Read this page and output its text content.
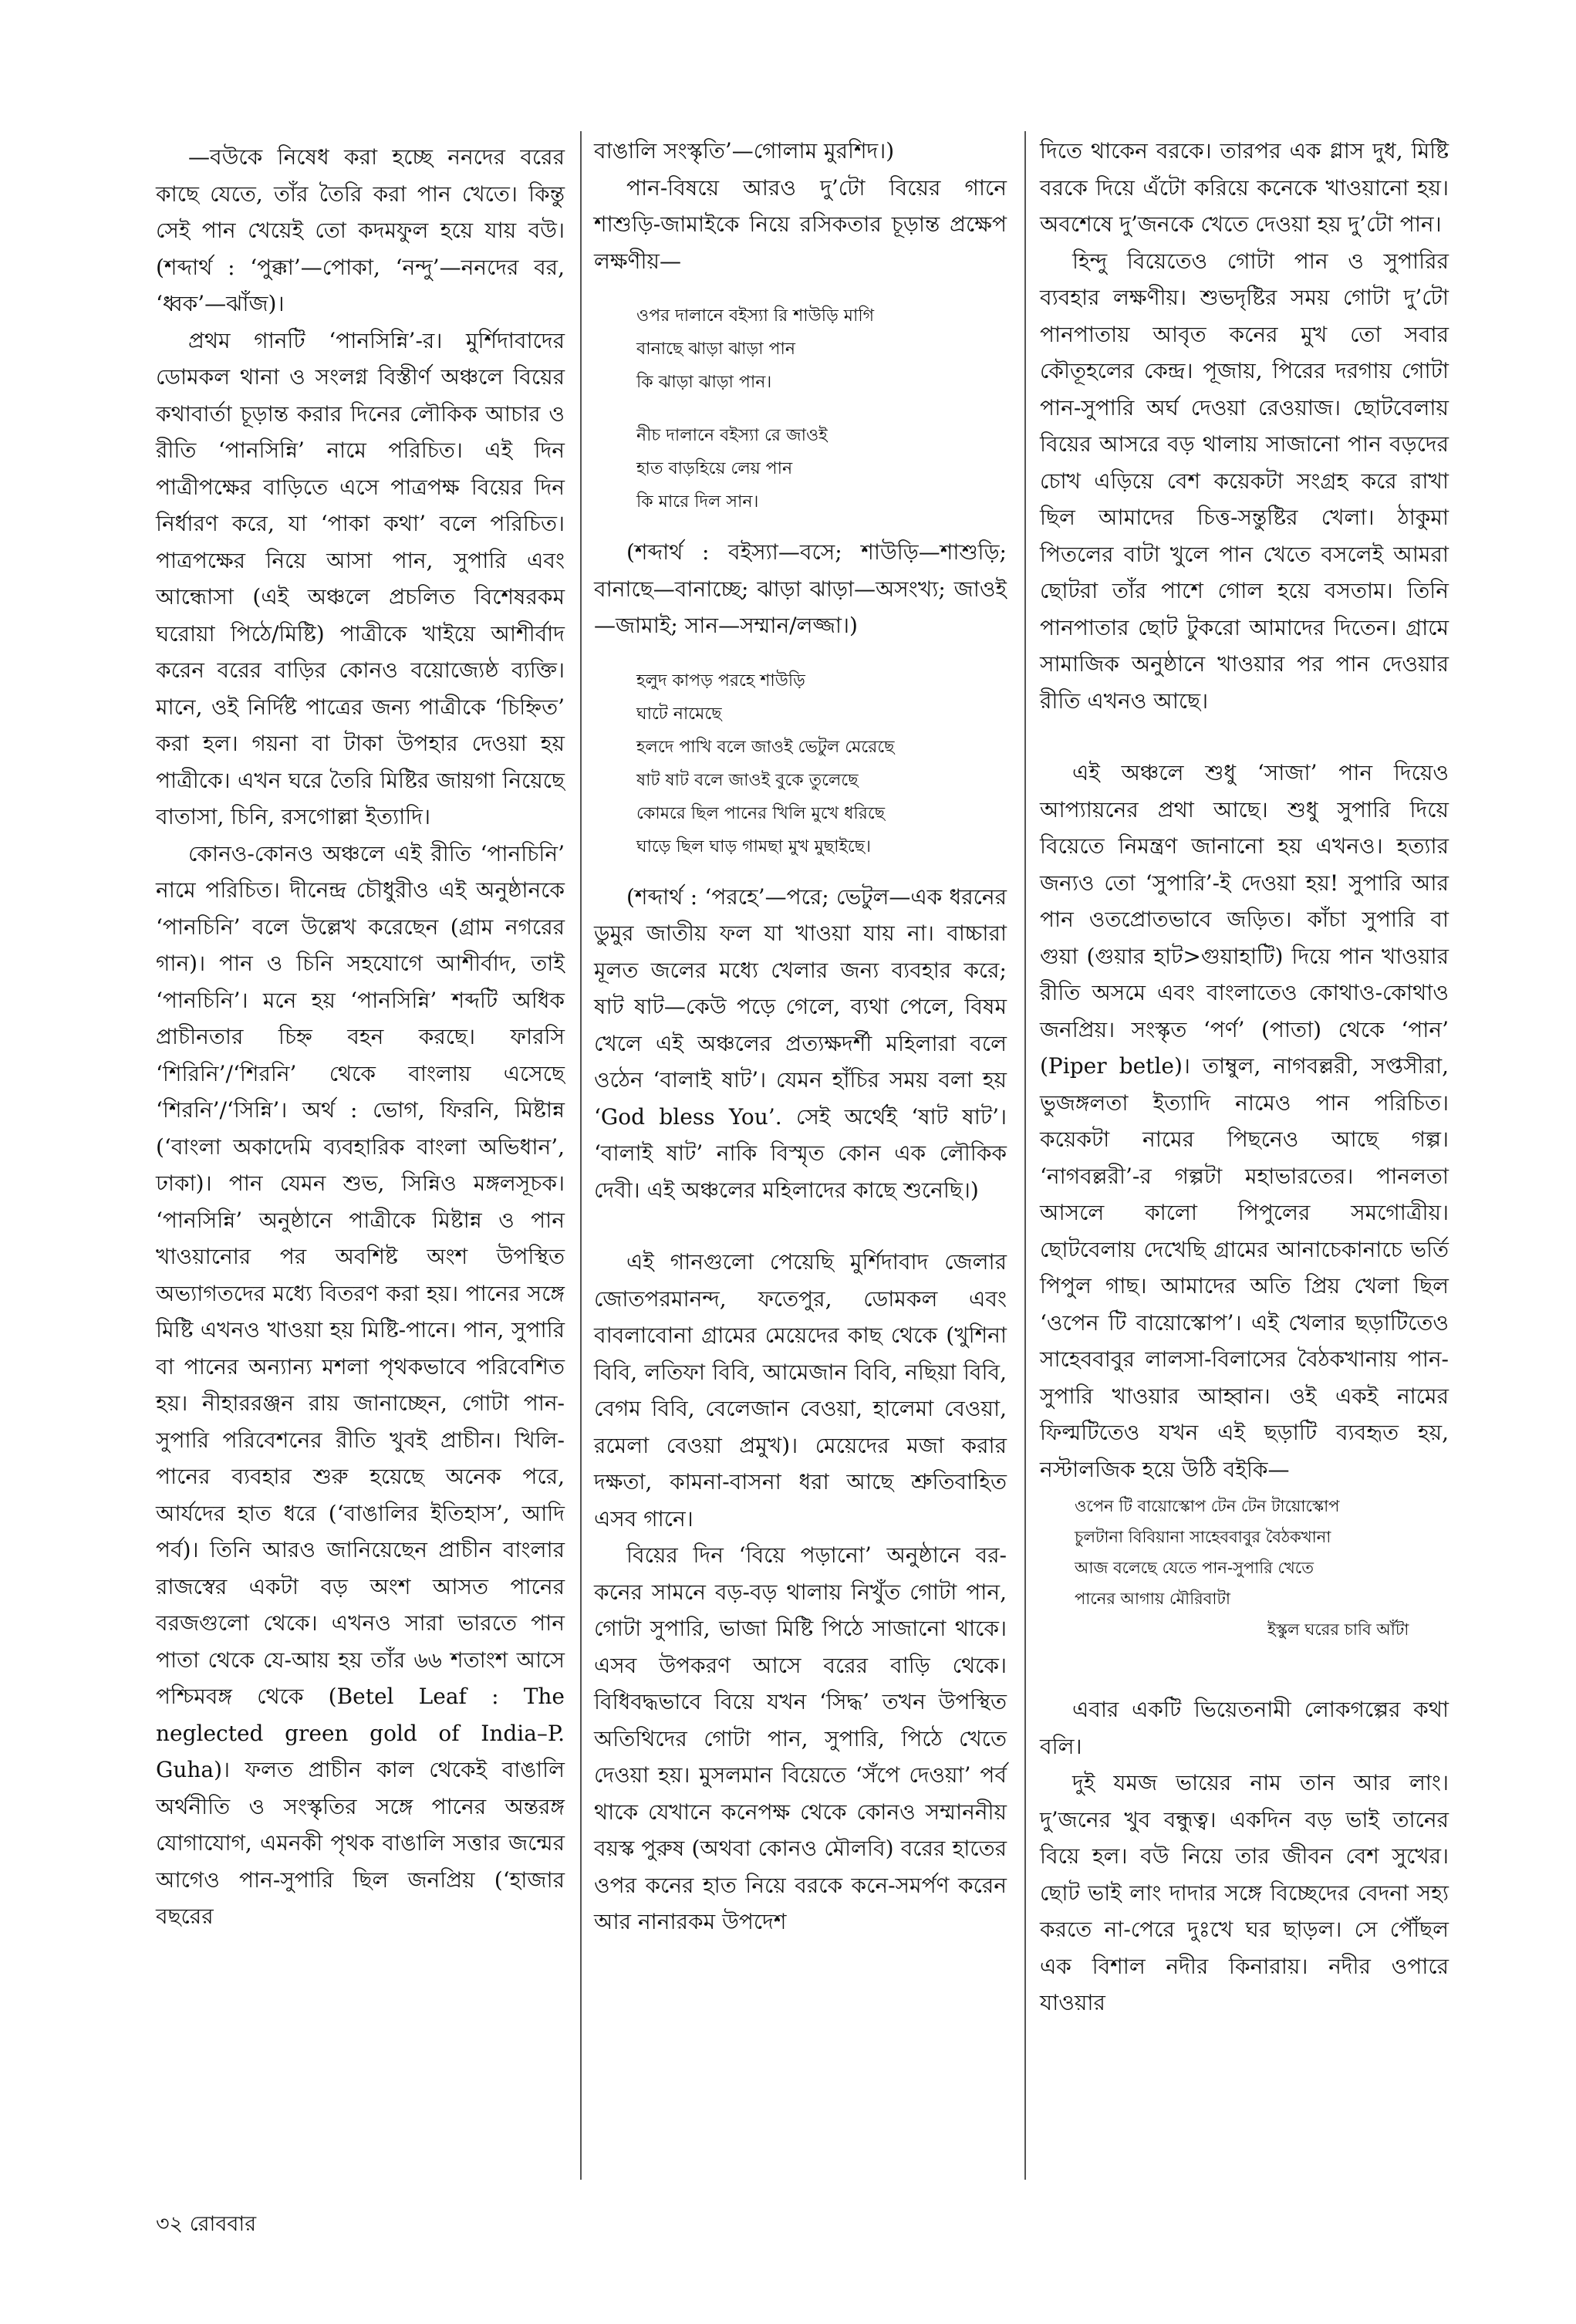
—বউকে নিষেধ করা হচ্ছে ননদের বরের কাছে যেতে, তাঁর তৈরি করা পান খেতে। কিন্তু সেই পান খেয়েই তো কদমফুল হয়ে যায় বউ। (শব্দার্থ : ‘পুক্কা’—পোকা, ‘নন্দু’—ননদের বর, ‘ধ্বক’—ঝাঁজ)।

প্রথম গানটি ‘পানসিন্নি’-র। মুর্শিদাবাদের ডোমকল থানা ও সংলগ্ন বিস্তীর্ণ অঞ্চলে বিয়ের কথাবার্তা চূড়ান্ত করার দিনের লৌকিক আচার ও রীতি ‘পানসিন্নি’ নামে পরিচিত। এই দিন পাত্রীপক্ষের বাড়িতে এসে পাত্রপক্ষ বিয়ের দিন নির্ধারণ করে, যা ‘পাকা কথা’ বলে পরিচিত। পাত্রপক্ষের নিয়ে আসা পান, সুপারি এবং আন্ধোসা (এই অঞ্চলে প্রচলিত বিশেষরকম ঘরোয়া পিঠে/মিষ্টি) পাত্রীকে খাইয়ে আশীর্বাদ করেন বরের বাড়ির কোনও বয়োজ্যেষ্ঠ ব্যক্তি। মানে, ওই নির্দিষ্ট পাত্রের জন্য পাত্রীকে ‘চিহ্নিত’ করা হল। গয়না বা টাকা উপহার দেওয়া হয় পাত্রীকে। এখন ঘরে তৈরি মিষ্টির জায়গা নিয়েছে বাতাসা, চিনি, রসগোল্লা ইত্যাদি।

কোনও-কোনও অঞ্চলে এই রীতি ‘পানচিনি’ নামে পরিচিত। দীনেন্দ্র চৌধুরীও এই অনুষ্ঠানকে ‘পানচিনি’ বলে উল্লেখ করেছেন (গ্রাম নগরের গান)। পান ও চিনি সহযোগে আশীর্বাদ, তাই ‘পানচিনি’। মনে হয় ‘পানসিন্নি’ শব্দটি অধিক প্রাচীনতার চিহ্ন বহন করছে। ফারসি ‘শিরিনি’/‘শিরনি’ থেকে বাংলায় এসেছে ‘শিরনি’/‘সিন্নি’। অর্থ : ভোগ, ফিরনি, মিষ্টান্ন (‘বাংলা অকাদেমি ব্যবহারিক বাংলা অভিধান’, ঢাকা)। পান যেমন শুভ, সিন্নিও মঙ্গলসূচক। ‘পানসিন্নি’ অনুষ্ঠানে পাত্রীকে মিষ্টান্ন ও পান খাওয়ানোর পর অবশিষ্ট অংশ উপস্থিত অভ্যাগতদের মধ্যে বিতরণ করা হয়। পানের সঙ্গে মিষ্টি এখনও খাওয়া হয় মিষ্টি-পানে। পান, সুপারি বা পানের অন্যান্য মশলা পৃথকভাবে পরিবেশিত হয়। নীহাররঞ্জন রায় জানাচ্ছেন, গোটা পান-সুপারি পরিবেশনের রীতি খুবই প্রাচীন। খিলি-পানের ব্যবহার শুরু হয়েছে অনেক পরে, আর্যদের হাত ধরে (‘বাঙালির ইতিহাস’, আদি পর্ব)। তিনি আরও জানিয়েছেন প্রাচীন বাংলার রাজস্বের একটা বড় অংশ আসত পানের বরজগুলো থেকে। এখনও সারা ভারতে পান পাতা থেকে যে-আয় হয় তাঁর ৬৬ শতাংশ আসে পশ্চিমবঙ্গ থেকে (Betel Leaf : The neglected green gold of India–P. Guha)। ফলত প্রাচীন কাল থেকেই বাঙালি অর্থনীতি ও সংস্কৃতির সঙ্গে পানের অন্তরঙ্গ যোগাযোগ, এমনকী পৃথক বাঙালি সত্তার জন্মের আগেও পান-সুপারি ছিল জনপ্রিয় (‘হাজার বছরের

বাঙালি সংস্কৃতি’—গোলাম মুরশিদ।)

পান-বিষয়ে আরও দু’টো বিয়ের গানে শাশুড়ি-জামাইকে নিয়ে রসিকতার চূড়ান্ত প্রক্ষেপ লক্ষণীয়—

ওপর দালানে বইস্যা রি শাউড়ি মাগি
বানাছে ঝাড়া ঝাড়া পান
কি ঝাড়া ঝাড়া পান।
নীচ দালানে বইস্যা রে জাওই
হাত বাড়হিয়ে লেয় পান
কি মারে দিল সান।

(শব্দার্থ : বইস্যা—বসে; শাউড়ি—শাশুড়ি; বানাছে—বানাচ্ছে; ঝাড়া ঝাড়া—অসংখ্য; জাওই—জামাই; সান—সম্মান/লজ্জা।)

হলুদ কাপড় পরহে শাউড়ি
ঘাটে নামেছে
হলদে পাখি বলে জাওই ভেটুল মেরেছে
ষাট ষাট বলে জাওই বুকে তুলেছে
কোমরে ছিল পানের খিলি মুখে ধরিছে
ঘাড়ে ছিল ঘাড় গামছা মুখ মুছাইছে।

(শব্দার্থ : ‘পরহে’—পরে; ভেটুল—এক ধরনের ডুমুর জাতীয় ফল যা খাওয়া যায় না। বাচ্চারা মূলত জলের মধ্যে খেলার জন্য ব্যবহার করে; ষাট ষাট—কেউ পড়ে গেলে, ব্যথা পেলে, বিষম খেলে এই অঞ্চলের প্রত্যক্ষদর্শী মহিলারা বলে ওঠেন ‘বালাই ষাট’। যেমন হাঁচির সময় বলা হয় ‘God bless You’. সেই অর্থেই ‘ষাট ষাট’। ‘বালাই ষাট’ নাকি বিস্মৃত কোন এক লৌকিক দেবী। এই অঞ্চলের মহিলাদের কাছে শুনেছি।)

এই গানগুলো পেয়েছি মুর্শিদাবাদ জেলার জোতপরমানন্দ, ফতেপুর, ডোমকল এবং বাবলাবোনা গ্রামের মেয়েদের কাছ থেকে (খুশিনা বিবি, লতিফা বিবি, আমেজান বিবি, নছিয়া বিবি, বেগম বিবি, বেলেজান বেওয়া, হালেমা বেওয়া, রমেলা বেওয়া প্রমুখ)। মেয়েদের মজা করার দক্ষতা, কামনা-বাসনা ধরা আছে শ্রুতিবাহিত এসব গানে।

বিয়ের দিন ‘বিয়ে পড়ানো’ অনুষ্ঠানে বর-কনের সামনে বড়-বড় থালায় নিখুঁত গোটা পান, গোটা সুপারি, ভাজা মিষ্টি পিঠে সাজানো থাকে। এসব উপকরণ আসে বরের বাড়ি থেকে। বিধিবদ্ধভাবে বিয়ে যখন ‘সিদ্ধ’ তখন উপস্থিত অতিথিদের গোটা পান, সুপারি, পিঠে খেতে দেওয়া হয়। মুসলমান বিয়েতে ‘সঁপে দেওয়া’ পর্ব থাকে যেখানে কনেপক্ষ থেকে কোনও সম্মাননীয় বয়স্ক পুরুষ (অথবা কোনও মৌলবি) বরের হাতের ওপর কনের হাত নিয়ে বরকে কনে-সমর্পণ করেন আর নানারকম উপদেশ

দিতে থাকেন বরকে। তারপর এক গ্লাস দুধ, মিষ্টি বরকে দিয়ে এঁটো করিয়ে কনেকে খাওয়ানো হয়। অবশেষে দু’জনকে খেতে দেওয়া হয় দু’টো পান।

হিন্দু বিয়েতেও গোটা পান ও সুপারির ব্যবহার লক্ষণীয়। শুভদৃষ্টির সময় গোটা দু’টো পানপাতায় আবৃত কনের মুখ তো সবার কৌতূহলের কেন্দ্র। পূজায়, পিরের দরগায় গোটা পান-সুপারি অর্ঘ দেওয়া রেওয়াজ। ছোটবেলায় বিয়ের আসরে বড় থালায় সাজানো পান বড়দের চোখ এড়িয়ে বেশ কয়েকটা সংগ্রহ করে রাখা ছিল আমাদের চিত্ত-সন্তুষ্টির খেলা। ঠাকুমা পিতলের বাটা খুলে পান খেতে বসলেই আমরা ছোটরা তাঁর পাশে গোল হয়ে বসতাম। তিনি পানপাতার ছোট টুকরো আমাদের দিতেন। গ্রামে সামাজিক অনুষ্ঠানে খাওয়ার পর পান দেওয়ার রীতি এখনও আছে।

এই অঞ্চলে শুধু ‘সাজা’ পান দিয়েও আপ্যায়নের প্রথা আছে। শুধু সুপারি দিয়ে বিয়েতে নিমন্ত্রণ জানানো হয় এখনও। হত্যার জন্যও তো ‘সুপারি’-ই দেওয়া হয়! সুপারি আর পান ওতপ্রোতভাবে জড়িত। কাঁচা সুপারি বা গুয়া (গুয়ার হাট>গুয়াহাটি) দিয়ে পান খাওয়ার রীতি অসমে এবং বাংলাতেও কোথাও-কোথাও জনপ্রিয়। সংস্কৃত ‘পর্ণ’ (পাতা) থেকে ‘পান’ (Piper betle)। তাম্বুল, নাগবল্লরী, সপ্তসীরা, ভুজঙ্গলতা ইত্যাদি নামেও পান পরিচিত। কয়েকটা নামের পিছনেও আছে গল্প। ‘নাগবল্লরী’-র গল্পটা মহাভারতের। পানলতা আসলে কালো পিপুলের সমগোত্রীয়। ছোটবেলায় দেখেছি গ্রামের আনাচেকানাচে ভর্তি পিপুল গাছ। আমাদের অতি প্রিয় খেলা ছিল ‘ওপেন টি বায়োস্কোপ’। এই খেলার ছড়াটিতেও সাহেববাবুর লালসা-বিলাসের বৈঠকখানায় পান-সুপারি খাওয়ার আহ্বান। ওই একই নামের ফিল্মটিতেও যখন এই ছড়াটি ব্যবহৃত হয়, নস্টালজিক হয়ে উঠি বইকি—

ওপেন টি বায়োস্কোপ টেন টেন টায়োস্কোপ
চুলটানা বিবিয়ানা সাহেববাবুর বৈঠকখানা
আজ বলেছে যেতে পান-সুপারি খেতে
পানের আগায় মৌরিবাটা
ইস্কুল ঘরের চাবি আঁটা

এবার একটি ভিয়েতনামী লোকগল্পের কথা বলি।

দুই যমজ ভায়ের নাম তান আর লাং। দু’জনের খুব বন্ধুত্ব। একদিন বড় ভাই তানের বিয়ে হল। বউ নিয়ে তার জীবন বেশ সুখের। ছোট ভাই লাং দাদার সঙ্গে বিচ্ছেদের বেদনা সহ্য করতে না-পেরে দুঃখে ঘর ছাড়ল। সে পৌঁছল এক বিশাল নদীর কিনারায়। নদীর ওপারে যাওয়ার

৩২ রোববার
